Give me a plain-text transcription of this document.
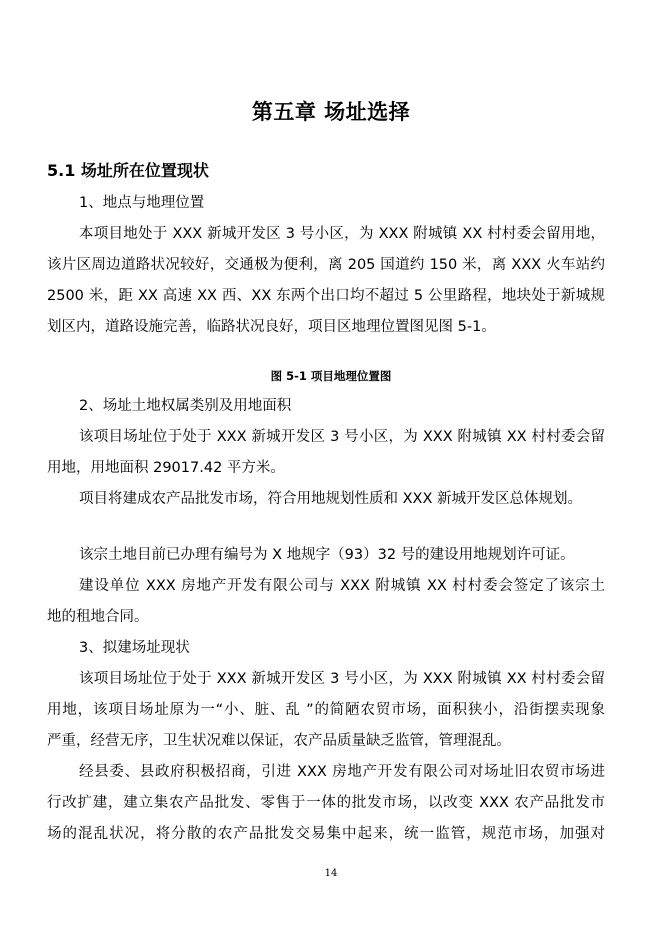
第五章 场址选择
5.1 场址所在位置现状

1、地点与地理位置

本项目地处于 XXX 新城开发区 3 号小区，为 XXX 附城镇 XX 村村委会留用地，

该片区周边道路状况较好，交通极为便利，离 205 国道约 150 米，离 XXX 火车站约

2500 米，距 XX 高速 XX 西、XX 东两个出口均不超过 5 公里路程，地块处于新城规

划区内，道路设施完善，临路状况良好，项目区地理位置图见图 5-1。

图 5-1 项目地理位置图

2、场址土地权属类别及用地面积

该项目场址位于处于 XXX 新城开发区 3 号小区，为 XXX 附城镇 XX 村村委会留

用地，用地面积 29017.42 平方米。

项目将建成农产品批发市场，符合用地规划性质和 XXX 新城开发区总体规划。

该宗土地目前已办理有编号为 X 地规字（93）32 号的建设用地规划许可证。

建设单位 XXX 房地产开发有限公司与 XXX 附城镇 XX 村村委会签定了该宗土

地的租地合同。

3、拟建场址现状

该项目场址位于处于 XXX 新城开发区 3 号小区，为 XXX 附城镇 XX 村村委会留

用地，该项目场址原为一“小、脏、乱 ”的简陋农贸市场，面积狭小，沿街摆卖现象

严重，经营无序，卫生状况难以保证，农产品质量缺乏监管，管理混乱。

经县委、县政府积极招商，引进 XXX 房地产开发有限公司对场址旧农贸市场进

行改扩建，建立集农产品批发、零售于一体的批发市场，以改变 XXX 农产品批发市

场的混乱状况，将分散的农产品批发交易集中起来，统一监管，规范市场，加强对

14
